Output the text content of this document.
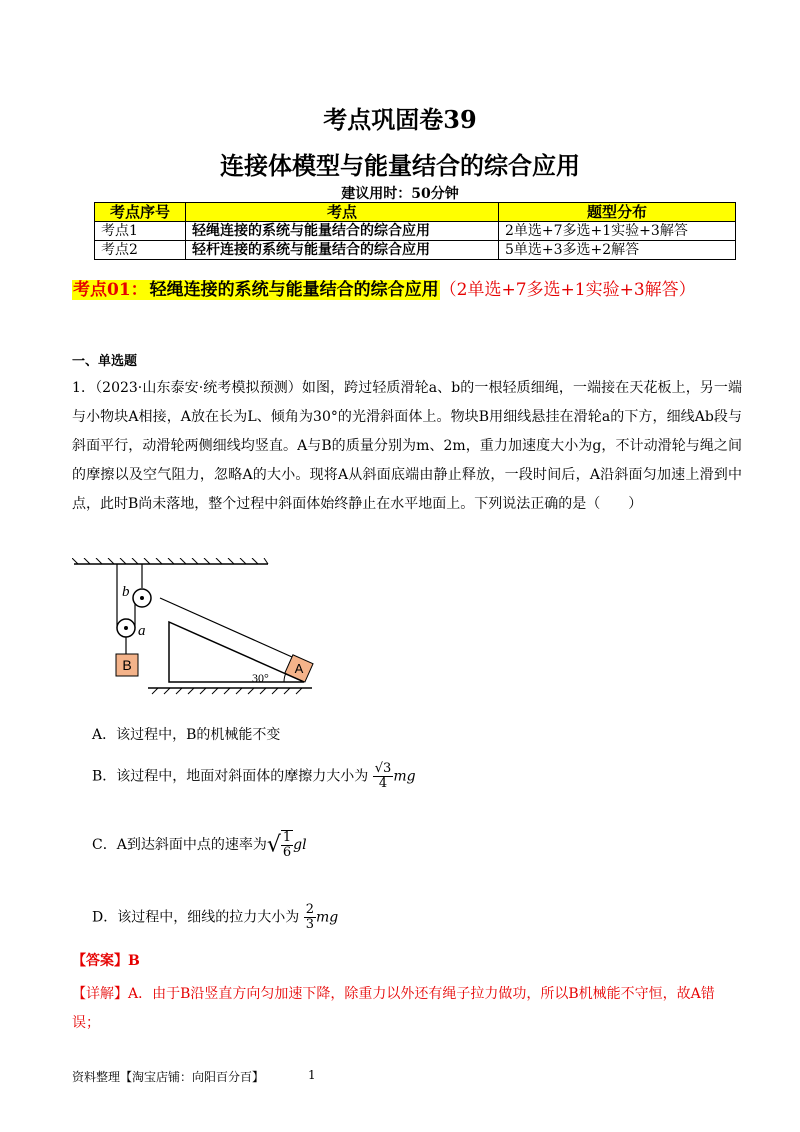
考点巩固卷39
连接体模型与能量结合的综合应用
建议用时：50分钟
考点序号	考点	题型分布
考点1	轻绳连接的系统与能量结合的综合应用	2单选+7多选+1实验+3解答
考点2	轻杆连接的系统与能量结合的综合应用	5单选+3多选+2解答
考点01： 轻绳连接的系统与能量结合的综合应用（2单选+7多选+1实验+3解答）
一、单选题
1．（2023·山东泰安·统考模拟预测）如图，跨过轻质滑轮a、b的一根轻质细绳，一端接在天花板上，另一端与小物块A相接，A放在长为L、倾角为30°的光滑斜面体上。物块B用细线悬挂在滑轮a的下方，细线Ab段与斜面平行，动滑轮两侧细线均竖直。A与B的质量分别为m、2m，重力加速度大小为g，不计动滑轮与绳之间的摩擦以及空气阻力，忽略A的大小。现将A从斜面底端由静止释放，一段时间后，A沿斜面匀加速上滑到中点，此时B尚未落地，整个过程中斜面体始终静止在水平地面上。下列说法正确的是（　　）
b
a
B	A
30°
A．该过程中，B的机械能不变
B．该过程中，地面对斜面体的摩擦力大小为 $\frac{√3}{4}$ mg
C．A到达斜面中点的速率为√ $\frac{1}{6}$ gl
D．该过程中，细线的拉力大小为 $\frac{2}{3}$ mg
【答案】B
【详解】A．由于B沿竖直方向匀加速下降，除重力以外还有绳子拉力做功，所以B机械能不守恒，故A错误；
资料整理【淘宝店铺：向阳百分百】	1
